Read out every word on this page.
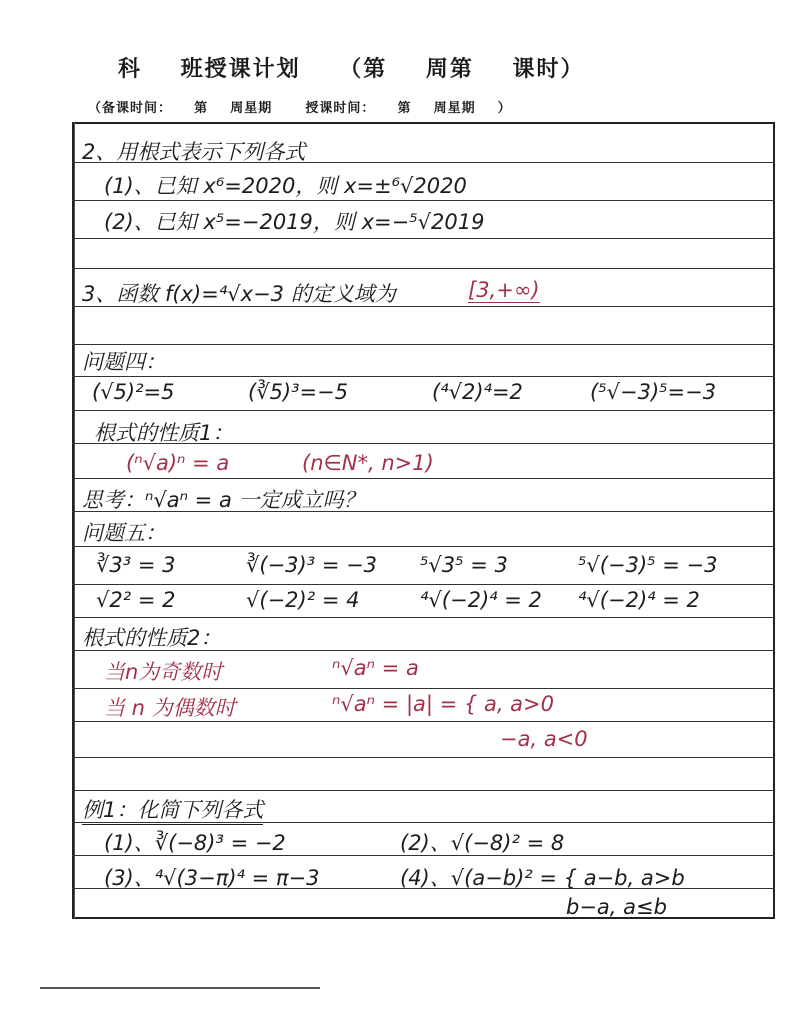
科    班授课计划    （第    周第    课时）
（备课时间：    第    周星期      授课时间：    第    周星期    ）
2、用根式表示下列各式
(1)、已知 x⁶=2020，则 x=±⁶√2020
(2)、已知 x⁵=−2019，则 x=−⁵√2019
3、函数 f(x)=⁴√x−3 的定义域为	[3,+∞)
问题四：
(√5)²=5	(∛5)³=−5	(⁴√2)⁴=2	(⁵√−3)⁵=−3
根式的性质1：
(ⁿ√a)ⁿ = a	(n∈N*, n>1)
思考：ⁿ√aⁿ = a 一定成立吗？
问题五：
∛3³ = 3	∛(−3)³ = −3 ⁵√3⁵ = 3	⁵√(−3)⁵ = −3
√2² = 2	√(−2)² = 4	⁴√(−2)⁴ = 2 ⁴√(−2)⁴ = 2
根式的性质2：
当n为奇数时	ⁿ√aⁿ = a
当 n 为偶数时	ⁿ√aⁿ = |a| = { a, a>0
−a, a<0
例1：化简下列各式
(1)、∛(−8)³ = −2	(2)、√(−8)² = 8
(3)、⁴√(3−π)⁴ = π−3	(4)、√(a−b)² = { a−b, a>b
b−a, a≤b
